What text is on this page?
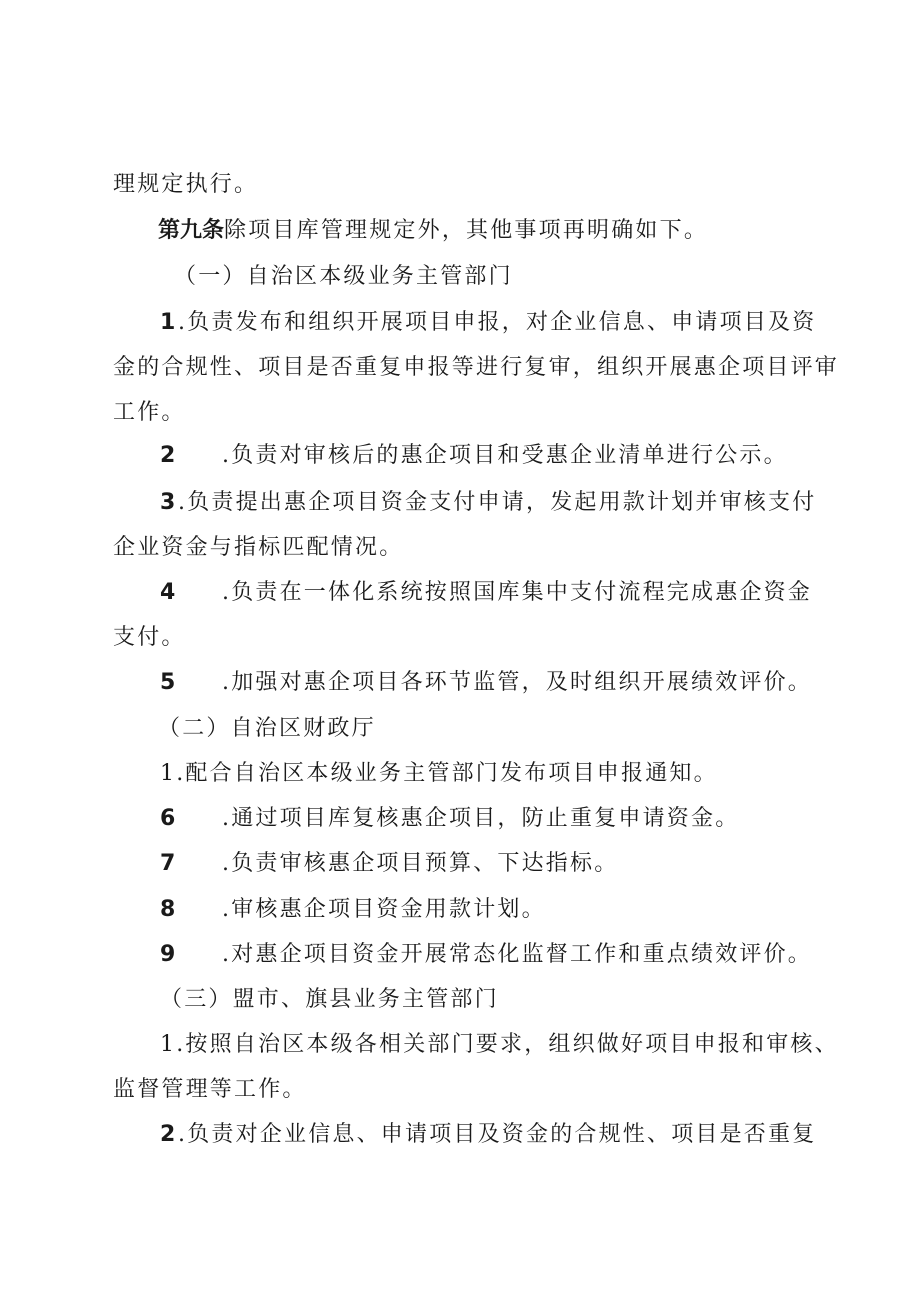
理规定执行。
第九条除项目库管理规定外，其他事项再明确如下。
（一）自治区本级业务主管部门
1.负责发布和组织开展项目申报，对企业信息、申请项目及资
金的合规性、项目是否重复申报等进行复审，组织开展惠企项目评审
工作。
2 .负责对审核后的惠企项目和受惠企业清单进行公示。
3.负责提出惠企项目资金支付申请，发起用款计划并审核支付
企业资金与指标匹配情况。
4 .负责在一体化系统按照国库集中支付流程完成惠企资金
支付。
5 .加强对惠企项目各环节监管，及时组织开展绩效评价。
（二）自治区财政厅
1.配合自治区本级业务主管部门发布项目申报通知。
6 .通过项目库复核惠企项目，防止重复申请资金。
7 .负责审核惠企项目预算、下达指标。
8 .审核惠企项目资金用款计划。
9 .对惠企项目资金开展常态化监督工作和重点绩效评价。
（三）盟市、旗县业务主管部门
1.按照自治区本级各相关部门要求，组织做好项目申报和审核、
监督管理等工作。
2.负责对企业信息、申请项目及资金的合规性、项目是否重复
